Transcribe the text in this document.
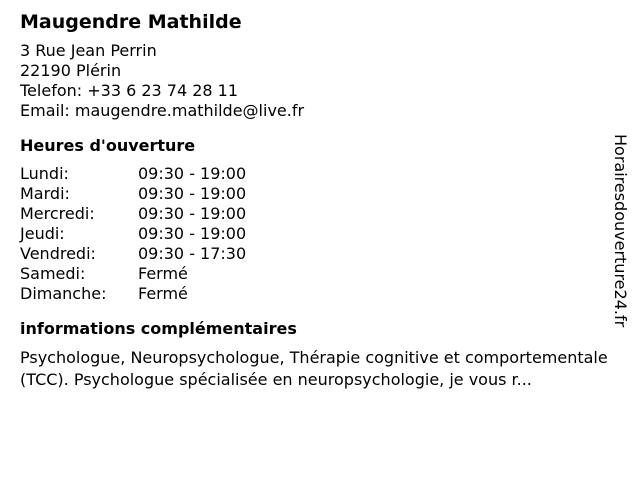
Maugendre Mathilde
3 Rue Jean Perrin
22190 Plérin
Telefon: +33 6 23 74 28 11
Email: maugendre.mathilde@live.fr
Heures d'ouverture
Lundi:	09:30 - 19:00
Mardi:	09:30 - 19:00
Mercredi:	09:30 - 19:00
Jeudi:	09:30 - 19:00
Vendredi:	09:30 - 17:30
Samedi:	Fermé
Dimanche:	Fermé
informations complémentaires
Psychologue, Neuropsychologue, Thérapie cognitive et comportementale (TCC). Psychologue spécialisée en neuropsychologie, je vous r...
Horairesdouverture24.fr
